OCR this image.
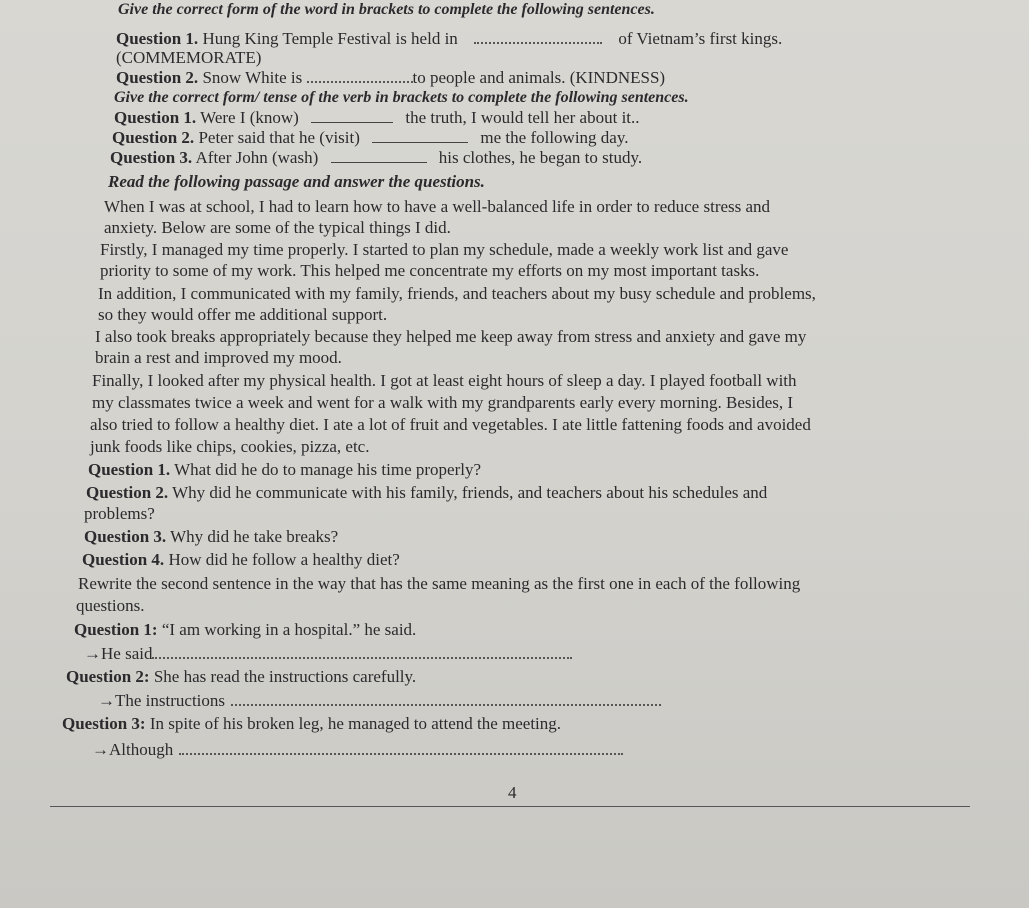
Give the correct form of the word in brackets to complete the following sentences.
Question 1. Hung King Temple Festival is held in	of Vietnam’s first kings.
(COMMEMORATE)
Question 2. Snow White is	to people and animals. (KINDNESS)
Give the correct form/ tense of the verb in brackets to complete the following sentences.
Question 1. Were I (know)	the truth, I would tell her about it..
Question 2. Peter said that he (visit)	me the following day.
Question 3. After John (wash)	his clothes, he began to study.
Read the following passage and answer the questions.
When I was at school, I had to learn how to have a well-balanced life in order to reduce stress and
anxiety. Below are some of the typical things I did.
Firstly, I managed my time properly. I started to plan my schedule, made a weekly work list and gave
priority to some of my work. This helped me concentrate my efforts on my most important tasks.
In addition, I communicated with my family, friends, and teachers about my busy schedule and problems,
so they would offer me additional support.
I also took breaks appropriately because they helped me keep away from stress and anxiety and gave my
brain a rest and improved my mood.
Finally, I looked after my physical health. I got at least eight hours of sleep a day. I played football with
my classmates twice a week and went for a walk with my grandparents early every morning. Besides, I
also tried to follow a healthy diet. I ate a lot of fruit and vegetables. I ate little fattening foods and avoided
junk foods like chips, cookies, pizza, etc.
Question 1. What did he do to manage his time properly?
Question 2. Why did he communicate with his family, friends, and teachers about his schedules and
problems?
Question 3. Why did he take breaks?
Question 4. How did he follow a healthy diet?
Rewrite the second sentence in the way that has the same meaning as the first one in each of the following
questions.
Question 1: “I am working in a hospital.” he said.
→He said
Question 2: She has read the instructions carefully.
→The instructions
Question 3: In spite of his broken leg, he managed to attend the meeting.
→Although
4
